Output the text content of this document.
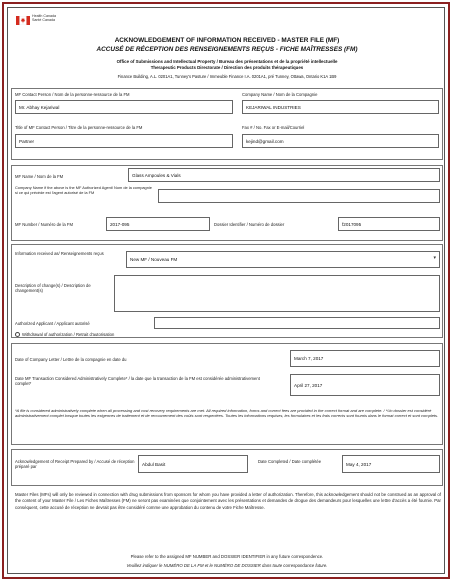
Health Canada
Santé Canada
ACKNOWLEDGEMENT OF INFORMATION RECEIVED - MASTER FILE (MF)
ACCUSÉ DE RÉCEPTION DES RENSEIGNEMENTS REÇUS - FICHE MAÎTRESSES (FM)
Office of Submissions and Intellectual Property / Bureau des présentations et de la propriété intellectuelle
Therapeutic Products Directorate / Direction des produits thérapeutiques
Finance Building, A.L. 0201A1, Tunney's Pasture / Immeuble Finance I.A. 0201A1, pré Tunney, Ottawa, Ontario K1A 1B9
MF Contact Person / Nom de la personne-ressource de la FM
Mr. Abhay Kejariwal
Company Name / Nom de la Compagnie
KEJARIWAL INDUSTRIES
Title of MF Contact Person / Titre de la personne-ressource de la FM
Partner
Fax # / No. Fax or E-mail/Courriel
kejind@gmail.com
MF Name / Nom de la FM	Glass Ampoules & Vials
Company Name if the above is the MF Authorized Agent/ Nom de la compagnie si ce qui précède est l'agent autorisé de la FM
MF Number / Numéro de la FM	2017-095	Dossier Identifier / Numéro de dossier	f2017095
Information received as/ Renseignements reçus
New MF / Nouveau FM	▾
Description of change(s) / Description de changement(s)
Authorized Applicant / Applicant autorisé
Withdrawal of authorization / Retrait d'autorisation
Date of Company Letter / Lettre de la compagnie en date du	March 7, 2017
Date MF Transaction Considered Administratively Complete* / la date que la transaction de la FM est considérée administrativement complet*	April 27, 2017
*A file is considered administratively complete when all processing and cost recovery requirements are met. All required information, forms and correct fees are provided in the correct format and are complete. / *Un dossier est considéré administrativement complet lorsque toutes les exigences de traitement et de recouvrement des coûts sont respectées. Toutes les informations requises, les formulaires et les frais corrects sont fournis dans le format correct et sont complets.
Acknowledgement of Receipt Prepared by / Accusé de réception préparé par	Abdul Basit	Date Completed / Date complétée	May 4, 2017
Master Files (MFs) will only be reviewed in connection with drug submissions from sponsors for whom you have provided a letter of authorization. Therefore, this acknowledgement should not be construed as an approval of the content of your Master File / Les Fiches Maîtresses (FM) ne seront pas examinées que conjointement avec les présentations et demandes de drogue des demandeurs pour lesquelles une lettre d'accès a été fournie. Par conséquent, cette accusé de réception ne devrait pas être considéré comme une approbation du contenu de votre Fiche Maîtresse.
Please refer to the assigned MF NUMBER and DOSSIER IDENTIFIER in any future correspondence.
Veuillez indiquer le NUMÉRO DE LA FM et le NUMÉRO DE DOSSIER dans toute correspondance future.
